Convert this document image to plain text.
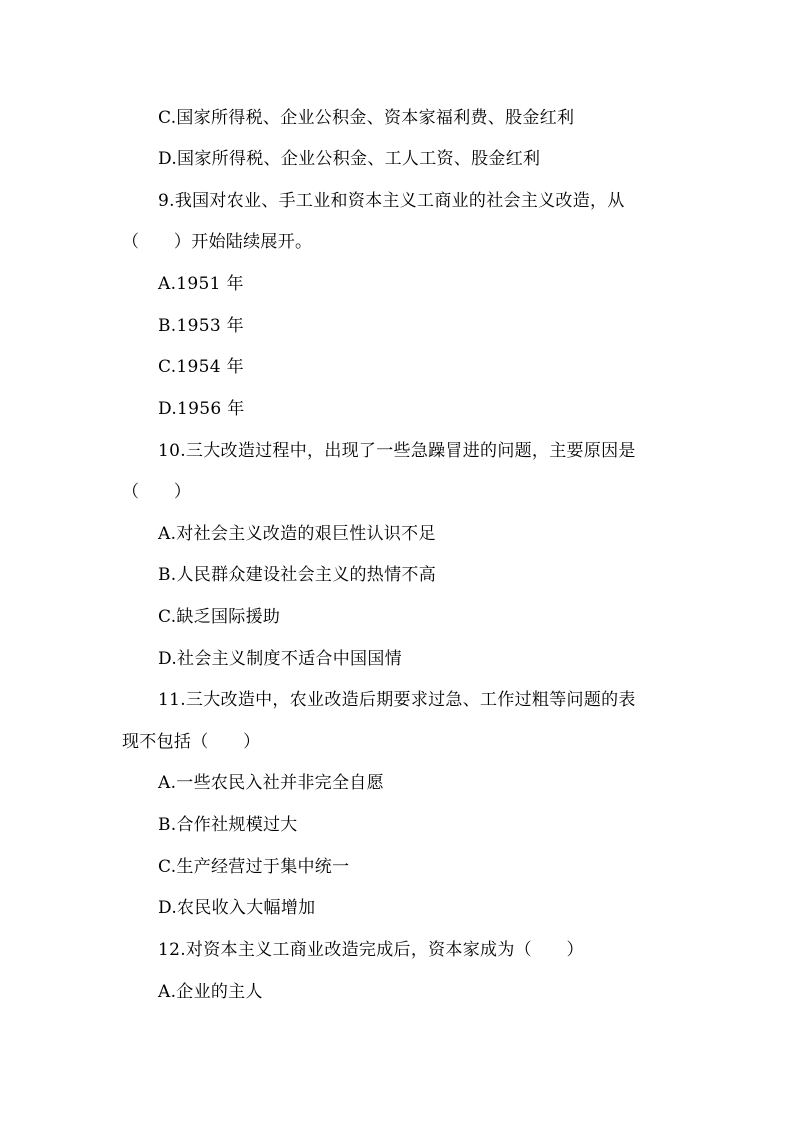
C.国家所得税、企业公积金、资本家福利费、股金红利
D.国家所得税、企业公积金、工人工资、股金红利
9.我国对农业、手工业和资本主义工商业的社会主义改造，从
（　　）开始陆续展开。
A.1951 年
B.1953 年
C.1954 年
D.1956 年
10.三大改造过程中，出现了一些急躁冒进的问题，主要原因是
（　　）
A.对社会主义改造的艰巨性认识不足
B.人民群众建设社会主义的热情不高
C.缺乏国际援助
D.社会主义制度不适合中国国情
11.三大改造中，农业改造后期要求过急、工作过粗等问题的表
现不包括（　　）
A.一些农民入社并非完全自愿
B.合作社规模过大
C.生产经营过于集中统一
D.农民收入大幅增加
12.对资本主义工商业改造完成后，资本家成为（　　）
A.企业的主人
